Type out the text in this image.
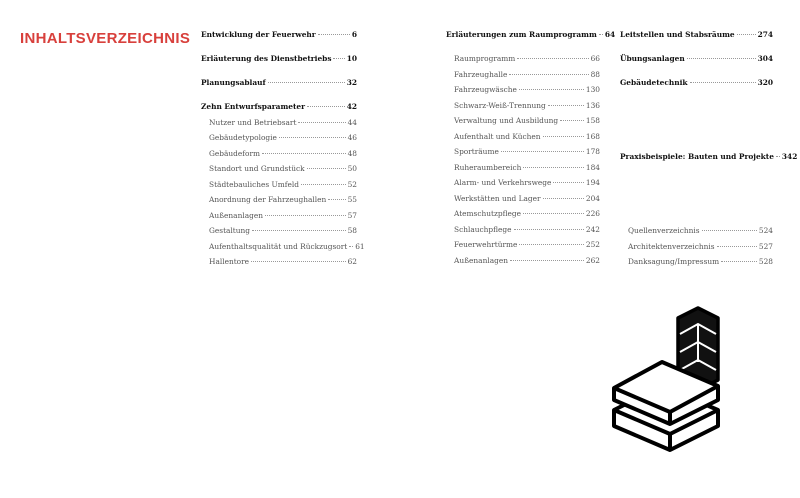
INHALTSVERZEICHNIS Entwicklung der Feuerwehr	6
Erläuterung des Dienstbetriebs 10
Planungsablauf	32
Zehn Entwurfsparameter	42
Nutzer und Betriebsart	44
Gebäudetypologie	46
Gebäudeform	48
Standort und Grundstück	50
Städtebauliches Umfeld	52
Anordnung der Fahrzeughallen	55
Außenanlagen	57
Gestaltung	58
Aufenthaltsqualität und Rückzugsort 61
Hallentore	62
Erläuterungen zum Raumprogramm 64
Raumprogramm	66
Fahrzeughalle	88
Fahrzeugwäsche	130
Schwarz-Weiß-Trennung	136
Verwaltung und Ausbildung	158
Aufenthalt und Küchen	168
Sporträume	178
Ruheraumbereich	184
Alarm- und Verkehrswege	194
Werkstätten und Lager	204
Atemschutzpflege	226
Schlauchpflege	242
Feuerwehrtürme	252
Außenanlagen	262
Leitstellen und Stabsräume	274
Übungsanlagen	304
Gebäudetechnik	320
Praxisbeispiele: Bauten und Projekte 342
Quellenverzeichnis	524
Architektenverzeichnis	527
Danksagung/Impressum	528
